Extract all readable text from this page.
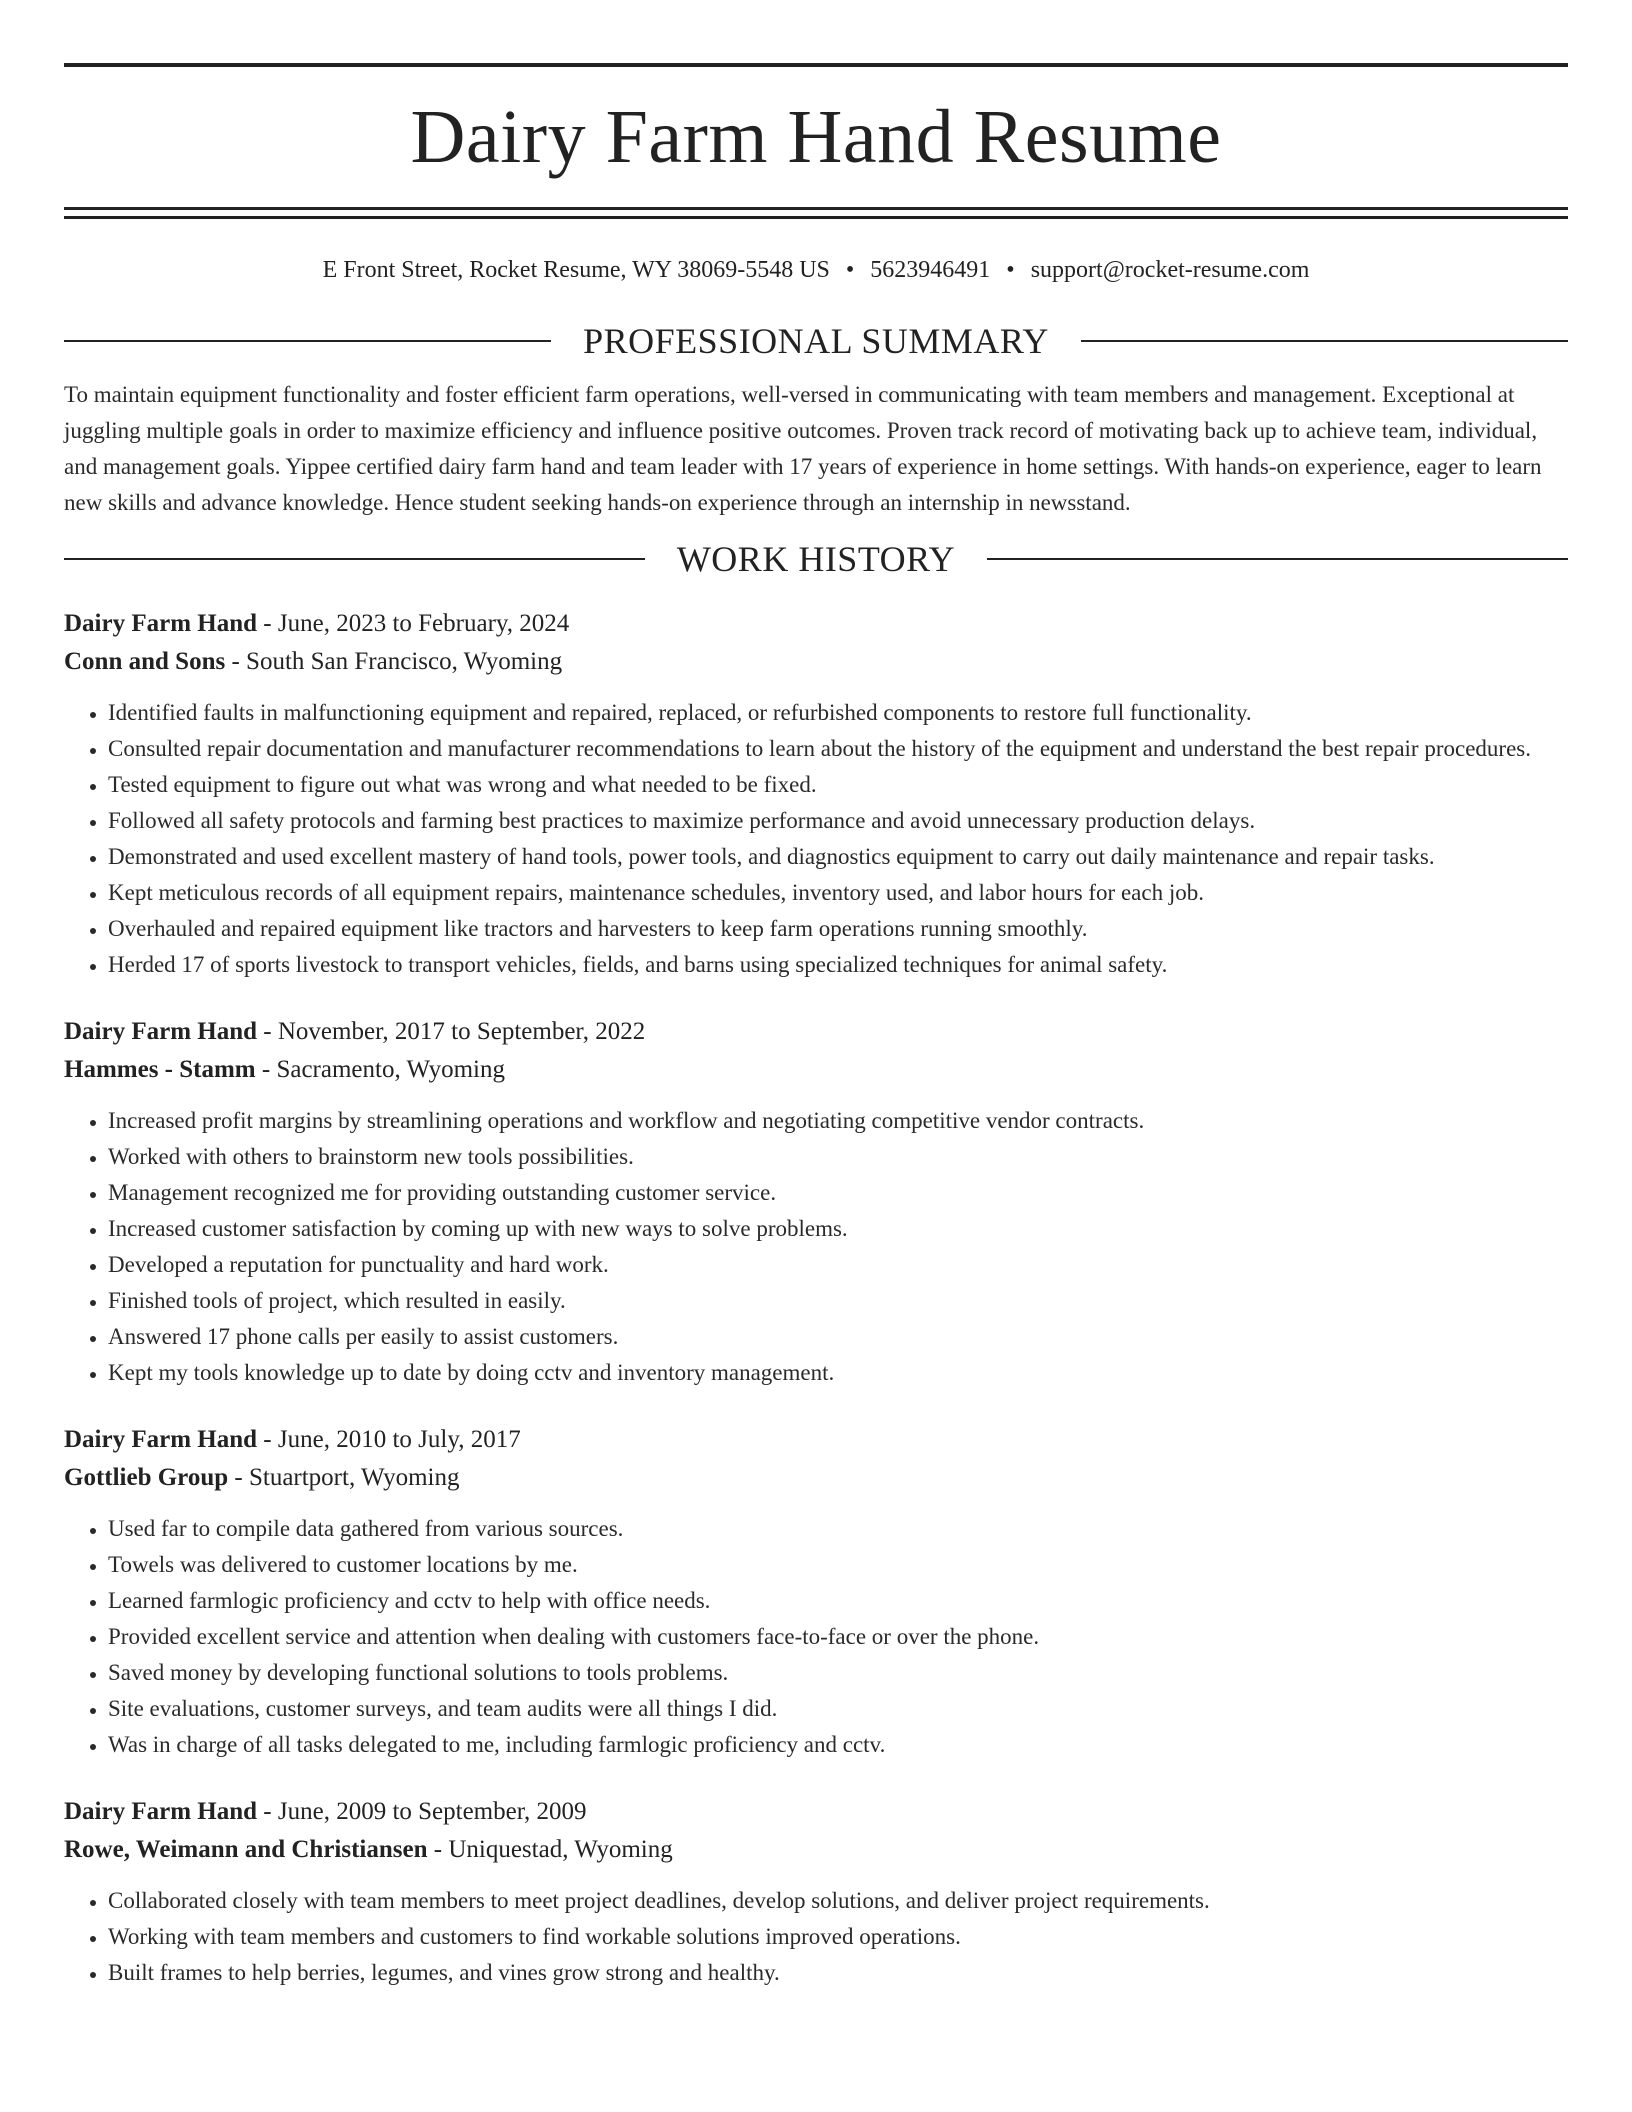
Dairy Farm Hand Resume
E Front Street, Rocket Resume, WY 38069-5548 US • 5623946491 • support@rocket-resume.com
PROFESSIONAL SUMMARY
To maintain equipment functionality and foster efficient farm operations, well-versed in communicating with team members and management. Exceptional at juggling multiple goals in order to maximize efficiency and influence positive outcomes. Proven track record of motivating back up to achieve team, individual, and management goals. Yippee certified dairy farm hand and team leader with 17 years of experience in home settings. With hands-on experience, eager to learn new skills and advance knowledge. Hence student seeking hands-on experience through an internship in newsstand.
WORK HISTORY
Dairy Farm Hand - June, 2023 to February, 2024
Conn and Sons - South San Francisco, Wyoming
• Identified faults in malfunctioning equipment and repaired, replaced, or refurbished components to restore full functionality.
• Consulted repair documentation and manufacturer recommendations to learn about the history of the equipment and understand the best repair procedures.
• Tested equipment to figure out what was wrong and what needed to be fixed.
• Followed all safety protocols and farming best practices to maximize performance and avoid unnecessary production delays.
• Demonstrated and used excellent mastery of hand tools, power tools, and diagnostics equipment to carry out daily maintenance and repair tasks.
• Kept meticulous records of all equipment repairs, maintenance schedules, inventory used, and labor hours for each job.
• Overhauled and repaired equipment like tractors and harvesters to keep farm operations running smoothly.
• Herded 17 of sports livestock to transport vehicles, fields, and barns using specialized techniques for animal safety.
Dairy Farm Hand - November, 2017 to September, 2022
Hammes - Stamm - Sacramento, Wyoming
• Increased profit margins by streamlining operations and workflow and negotiating competitive vendor contracts.
• Worked with others to brainstorm new tools possibilities.
• Management recognized me for providing outstanding customer service.
• Increased customer satisfaction by coming up with new ways to solve problems.
• Developed a reputation for punctuality and hard work.
• Finished tools of project, which resulted in easily.
• Answered 17 phone calls per easily to assist customers.
• Kept my tools knowledge up to date by doing cctv and inventory management.
Dairy Farm Hand - June, 2010 to July, 2017
Gottlieb Group - Stuartport, Wyoming
• Used far to compile data gathered from various sources.
• Towels was delivered to customer locations by me.
• Learned farmlogic proficiency and cctv to help with office needs.
• Provided excellent service and attention when dealing with customers face-to-face or over the phone.
• Saved money by developing functional solutions to tools problems.
• Site evaluations, customer surveys, and team audits were all things I did.
• Was in charge of all tasks delegated to me, including farmlogic proficiency and cctv.
Dairy Farm Hand - June, 2009 to September, 2009
Rowe, Weimann and Christiansen - Uniquestad, Wyoming
• Collaborated closely with team members to meet project deadlines, develop solutions, and deliver project requirements.
• Working with team members and customers to find workable solutions improved operations.
• Built frames to help berries, legumes, and vines grow strong and healthy.
